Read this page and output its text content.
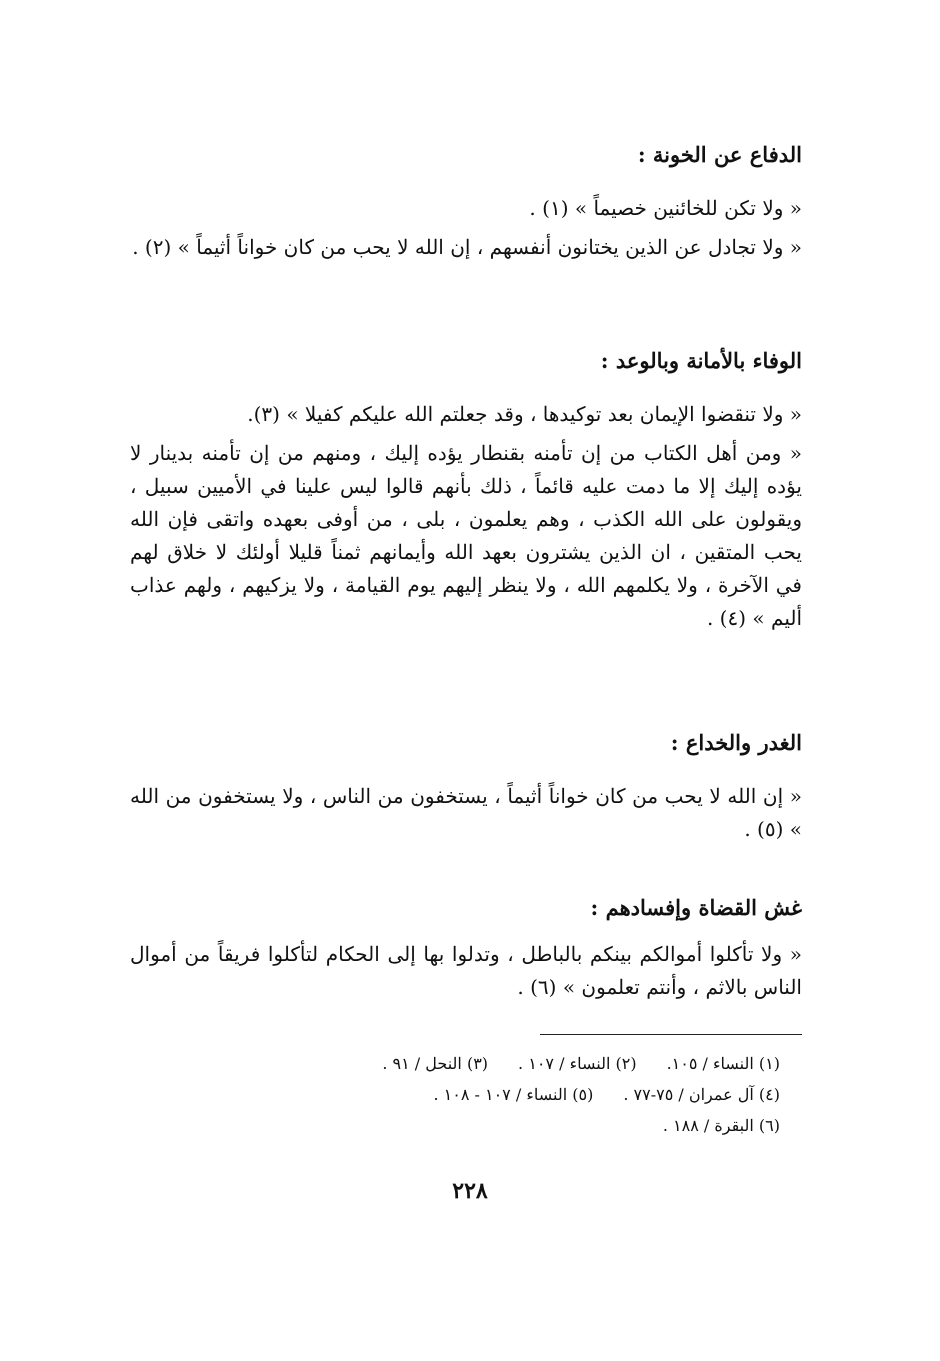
الدفاع عن الخونة :

« ولا تكن للخائنين خصيماً » (١) .

« ولا تجادل عن الذين يختانون أنفسهم ، إن الله لا يحب من كان خواناً أثيماً » (٢) .

الوفاء بالأمانة وبالوعد :

« ولا تنقضوا الإيمان بعد توكيدها ، وقد جعلتم الله عليكم كفيلا » (٣).

« ومن أهل الكتاب من إن تأمنه بقنطار يؤده إليك ، ومنهم من إن تأمنه بدينار لا يؤده إليك إلا ما دمت عليه قائماً ، ذلك بأنهم قالوا ليس علينا في الأميين سبيل ، ويقولون على الله الكذب ، وهم يعلمون ، بلى ، من أوفى بعهده واتقى فإن الله يحب المتقين ، ان الذين يشترون بعهد الله وأيمانهم ثمناً قليلا أولئك لا خلاق لهم في الآخرة ، ولا يكلمهم الله ، ولا ينظر إليهم يوم القيامة ، ولا يزكيهم ، ولهم عذاب أليم » (٤) .

الغدر والخداع :

« إن الله لا يحب من كان خواناً أثيماً ، يستخفون من الناس ، ولا يستخفون من الله » (٥) .

غش القضاة وإفسادهم :

« ولا تأكلوا أموالكم بينكم بالباطل ، وتدلوا بها إلى الحكام لتأكلوا فريقاً من أموال الناس بالاثم ، وأنتم تعلمون » (٦) .

(١) النساء / ١٠٥.
(٢) النساء / ١٠٧ .
(٣) النحل / ٩١ .
(٤) آل عمران / ٧٥-٧٧ .
(٥) النساء / ١٠٧ - ١٠٨ .
(٦) البقرة / ١٨٨ .
٢٢٨
